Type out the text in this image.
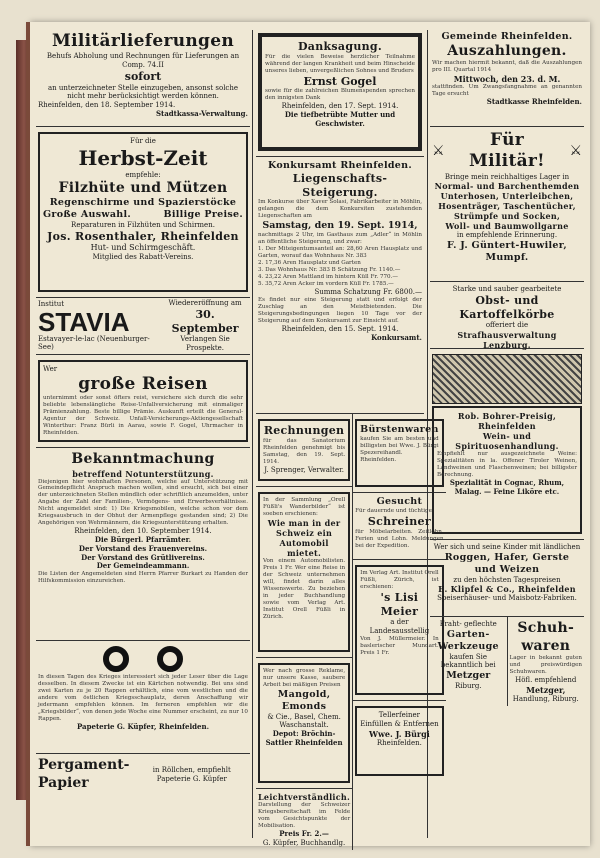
Militärlieferungen
Behufs Abholung und Rechnungen für Lieferungen an Comp. 74.II
sofort
an unterzeichneter Stelle einzugeben, ansonst solche nicht mehr berücksichtigt werden können.
Rheinfelden, den 18. September 1914.
Stadtkassa-Verwaltung.
Für die
Herbst-Zeit
empfehle:
Filzhüte und Mützen
Regenschirme und Spazierstöcke
Große Auswahl.	Billige Preise.
Reparaturen in Filzhüten und Schirmen.
Jos. Rosenthaler, Rheinfelden
Hut- und Schirmgeschäft.
Mitglied des Rabatt-Vereins.
Institut
STAVIA
Estavayer-le-lac (Neuenburger-See)
Wiedereröffnung am
30. September
Verlangen Sie Prospekte.
Wer
große Reisen
unternimmt oder sonst öfters reist, versichere sich durch die sehr beliebte lebenslängliche Reise-Unfallversicherung mit einmaliger Prämienzahlung. Beste billige Prämie. Auskunft erteilt die General-Agentur der Schweiz. Unfall-Versicherungs-Aktiengesellschaft Winterthur: Franz Bürli in Aarau, sowie F. Gogel, Uhrmacher in Rheinfelden.
Bekanntmachung
betreffend Notunterstützung.
Diejenigen hier wohnhaften Personen, welche auf Unterstützung mit Gemeindepflicht Anspruch machen wollen, sind ersucht, sich bei einer der unterzeichneten Stellen mündlich oder schriftlich anzumelden, unter Angabe der Zahl der Familien-, Vermögens- und Erwerbsverhältnisse. Nicht angemeldet sind: 1) Die Kriegsmobilen, welche schon vor dem Kriegsausbruch in der Obhut der Armenpflege gestanden sind; 2) Die Angehörigen von Wehrmännern, die Kriegsunterstützung erhalten.
Rheinfelden, den 10. September 1914.
Die Bürgerl. Pfarrämter.
Der Vorstand des Frauenvereins.
Der Vorstand des Grütlivereins.
Der Gemeindeammann.
Die Listen der Angemeldeten sind Herrn Pfarrer Burkart zu Handen der Hilfskommission einzureichen.
In diesen Tagen des Krieges interessiert sich jeder Leser über die Lage desselben. In diesem Zwecke ist ein Kärtchen notwendig. Bei uns sind zwei Karten zu je 20 Rappen erhältlich, eine vom westlichen und die andere vom östlichen Kriegsschauplatz, deren Anschaffung wir jedermann empfehlen können. Im ferneren empfehlen wir die „Kriegsbilder“, von denen jede Woche eine Nummer erscheint, zu nur 10 Rappen.
Papeterie G. Küpfer, Rheinfelden.
Pergament-
Papier
in Röllchen, empfiehlt Papeterie G. Küpfer
Danksagung.
Für die vielen Beweise herzlicher Teilnahme während der langen Krankheit und beim Hinscheide unseres lieben, unvergeßlichen Sohnes und Bruders
Ernst Gogel
sowie für die zahlreichen Blumenspenden sprechen den innigsten Dank
Rheinfelden, den 17. Sept. 1914.
Die tiefbetrübte Mutter und Geschwister.
Konkursamt Rheinfelden.
Liegenschafts-Steigerung.
Im Konkurse über Xaver Solasi, Fabrikarbeiter in Möhlin, gelangen die dem Konkursiten zustehenden Liegenschaften am
Samstag, den 19. Sept. 1914,
nachmittags 2 Uhr, im Gasthaus zum „Adler“ in Möhlin an öffentliche Steigerung, und zwar:
1. Der Miteigentumsanteil an: 28,60 Aren Hausplatz und Garten, worauf das Wohnhaus Nr. 383
2. 17,36 Aren Hausplatz und Garten
3. Das Wohnhaus Nr. 383 B Schätzung Fr. 1140.—
4. 23,22 Aren Mattland im hintern Küll Fr. 770.—
5. 35,72 Aren Acker im vordern Küll Fr. 1785.—
Summa Schatzung Fr. 6800.—
Es findet nur eine Steigerung statt und erfolgt der Zuschlag an den Meistbietenden. Die Steigerungsbedingungen liegen 10 Tage vor der Steigerung auf dem Konkursamt zur Einsicht auf.
Rheinfelden, den 15. Sept. 1914.
Konkursamt.
Rechnungen
für das Sanatorium Rheinfelden genehmigt bis Samstag, den 19. Sept. 1914.
J. Sprenger, Verwalter.
In der Sammlung „Orell Füßli's Wanderbilder“ ist soeben erschienen:
Wie man in der Schweiz ein Automobil mietet.
Von einem Automobilisten. Preis 1 Fr. Wer eine Reise in der Schweiz unternehmen will, findet darin alles Wissenswerte. Zu beziehen in jeder Buchhandlung sowie vom Verlag Art. Institut Orell Füßli in Zürich.
Wer nach grosse Reklame, nur unsere Kasse, saubere Arbeit bei mäßigen Preisen
Mangold, Emonds
& Cie., Basel, Chem. Waschanstalt.
Depot: Bröchin-Sattler Rheinfelden
Leichtverständlich.
Darstellung der Schweizer Kriegsbereitschaft im Felde vom Gesichtspunkte der Mobilisation.
Preis Fr. 2.—
G. Küpfer, Buchhandlg.
Bürstenwaren
kaufen Sie am besten und billigsten bei Wwe. J. Bürgi Spezereihandl. Rheinfelden.
Gesucht
Für dauernde und tüchtige
Schreiner
für Möbelarbeiten. Zeitlohn, Ferien und Lohn. Meldungen bei der Expedition.
Im Verlag Art. Institut Orell Füßli, Zürich, ist erschienen:
's Lisi Meier
a der Landesausstellig
Von J. Müllermeier. In baslerischer Mundart. Preis 1 Fr.
Tellerfeiner
Einfüllen & Entfernen
Wwe. J. Bürgi
Rheinfelden.
Gemeinde Rheinfelden.
Auszahlungen.
Wir machen hiermit bekannt, daß die Auszahlungen pro III. Quartal 1914
Mittwoch, den 23. d. M.
stattfinden. Um Zwangsfangnahme an genannten Tage ersucht
Stadtkasse Rheinfelden.
⚔
Für Militär!
⚔
Bringe mein reichhaltiges Lager in
Normal- und Barchenthemden
Unterhosen, Unterleibchen,
Hosenträger, Taschentücher,
Strümpfe und Socken,
Woll- und Baumwollgarne
in empfehlende Erinnerung.
F. J. Güntert-Huwiler,
Mumpf.
Starke und sauber gearbeitete
Obst- und Kartoffelkörbe
offeriert die
Strafhausverwaltung Lenzburg.
Rob. Bohrer-Preisig, Rheinfelden
Wein- und Spirituosenhandlung.
Empfiehlt nur ausgezeichnete Weine: Spezialitäten in la. Offener Tiroler Weinen, Landweinen und Flaschenweinen; bei billigster Berechnung.
Spezialität in Cognac, Rhum, Malag. — Feine Liköre etc.
Wer sich und seine Kinder mit ländlichen
Roggen, Hafer, Gerste
und Weizen
zu den höchsten Tagespreisen
E. Klipfel & Co., Rheinfelden
Speiserhäuser- und Maisbotz-Fabriken.
Fraht- geflechte
Garten- Werkzeuge
kaufen Sie bekanntlich bei
Metzger
Riburg.
Schuh- waren
Lager in bekannt guten und preiswürdigen Schuhwaren.
Höfl. empfehlend
Metzger,
Handlung, Riburg.
